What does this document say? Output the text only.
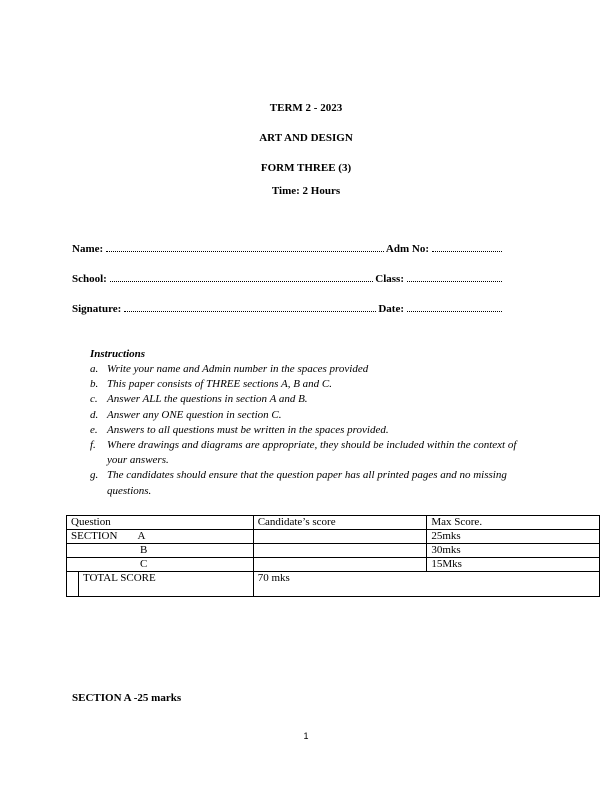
TERM 2 - 2023
ART AND DESIGN
FORM THREE (3)
Time: 2 Hours
Name:	Adm No:
School:	Class:
Signature:	Date:
Instructions
a. Write your name and Admin number in the spaces provided
b. This paper consists of THREE sections A, B and C.
c. Answer ALL the questions in section A and B.
d. Answer any ONE question in section C.
e. Answers to all questions must be written in the spaces provided.
f.	Where drawings and diagrams are appropriate, they should be included within the context of your answers.
g. The candidates should ensure that the question paper has all printed pages and no missing questions.
Question		Candidate’s score	Max Score.
SECTION A			25mks
B			30mks
C			15Mks
	TOTAL SCORE	70 mks	
SECTION A -25 marks
1
